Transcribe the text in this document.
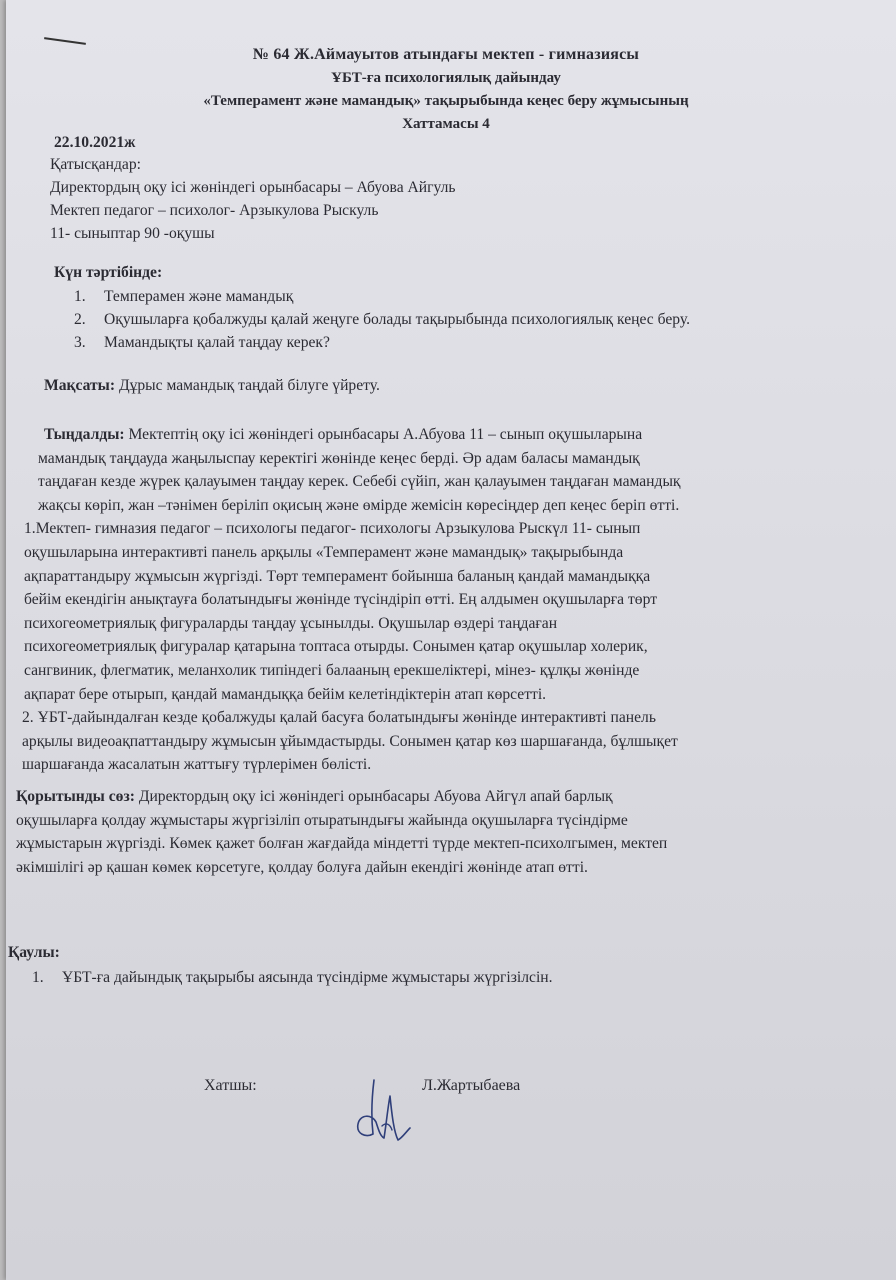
№ 64 Ж.Аймауытов атындағы мектеп - гимназиясы
ҰБТ-ға психологиялық дайындау
«Темперамент және мамандық» тақырыбында кеңес беру жұмысының
Хаттамасы 4
22.10.2021ж
Қатысқандар:
Директордың оқу ісі жөніндегі орынбасары – Абуова Айгуль
Мектеп педагог – психолог- Арзыкулова Рыскуль
11- сыныптар 90 -оқушы
Күн тәртібінде:
1. Темперамен және мамандық
2. Оқушыларға қобалжуды қалай жеңуге болады тақырыбында психологиялық кеңес беру.
3. Мамандықты қалай таңдау керек?
Мақсаты: Дұрыс мамандық таңдай білуге үйрету.
Тыңдалды: Мектептің оқу ісі жөніндегі орынбасары А.Абуова 11 – сынып оқушыларына
мамандық таңдауда жаңылыспау керектігі жөнінде кеңес берді. Әр адам баласы мамандық
таңдаған кезде жүрек қалауымен таңдау керек. Себебі сүйіп, жан қалауымен таңдаған мамандық
жақсы көріп, жан –тәнімен беріліп оқисың және өмірде жемісін көресіңдер деп кеңес беріп өтті.
1.Мектеп- гимназия педагог – психологы педагог- психологы Арзыкулова Рыскүл 11- сынып
оқушыларына интерактивті панель арқылы «Темперамент және мамандық» тақырыбында
ақпараттандыру жұмысын жүргізді. Төрт темперамент бойынша баланың қандай мамандыққа
бейім екендігін анықтауға болатындығы жөнінде түсіндіріп өтті. Ең алдымен оқушыларға төрт
психогеометриялық фигураларды таңдау ұсынылды. Оқушылар өздері таңдаған
психогеометриялық фигуралар қатарына топтаса отырды. Сонымен қатар оқушылар холерик,
сангвиник, флегматик, меланхолик типіндегі балааның ерекшеліктері, мінез- құлқы жөнінде
ақпарат бере отырып, қандай мамандыққа бейім келетіндіктерін атап көрсетті.
2. ҰБТ-дайындалған кезде қобалжуды қалай басуға болатындығы жөнінде интерактивті панель
арқылы видеоақпаттандыру жұмысын ұйымдастырды. Сонымен қатар көз шаршағанда, бұлшықет
шаршағанда жасалатын жаттығу түрлерімен бөлісті.
Қорытынды сөз: Директордың оқу ісі жөніндегі орынбасары Абуова Айгүл апай барлық
оқушыларға қолдау жұмыстары жүргізіліп отыратындығы жайында оқушыларға түсіндірме
жұмыстарын жүргізді. Көмек қажет болған жағдайда міндетті түрде мектеп-психолгымен, мектеп
әкімшілігі әр қашан көмек көрсетуге, қолдау болуға дайын екендігі жөнінде атап өтті.
Қаулы:
1. ҰБТ-ға дайындық тақырыбы аясында түсіндірме жұмыстары жүргізілсін.
Хатшы:	Л.Жартыбаева
